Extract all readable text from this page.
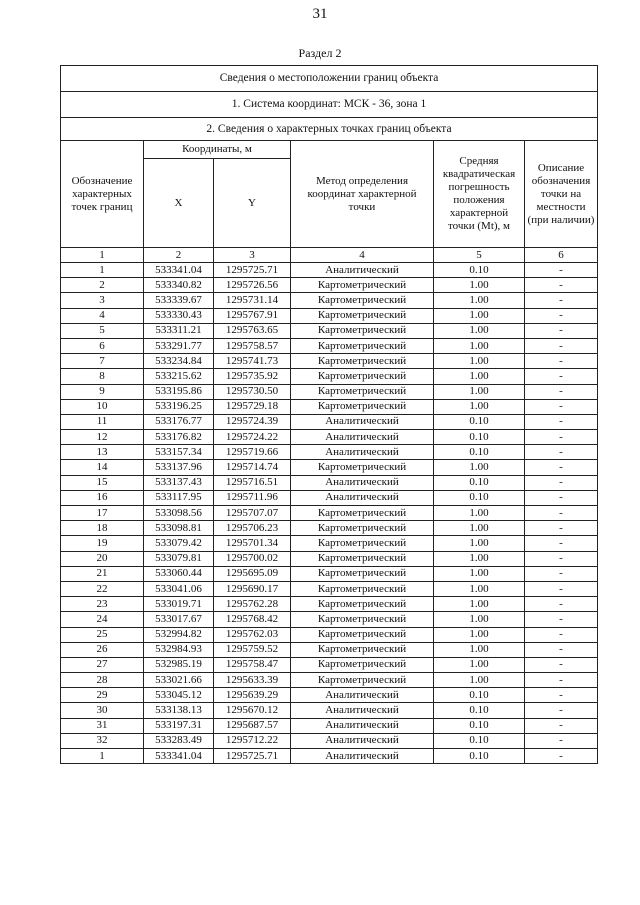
31
Раздел 2
Сведения о местоположении границ объекта					
1. Система координат: МСК - 36, зона 1					
2. Сведения о характерных точках границ объекта					
Обозначение характерных точек границ	Координаты, м		Метод определения координат характерной точки	Средняя квадратическая погрешность положения характерной точки (Mt), м	Описание обозначения точки на местности (при наличии)
	X	Y			
1	2	3	4	5	6
1	533341.04	1295725.71	Аналитический	0.10	-
2	533340.82	1295726.56	Картометрический	1.00	-
3	533339.67	1295731.14	Картометрический	1.00	-
4	533330.43	1295767.91	Картометрический	1.00	-
5	533311.21	1295763.65	Картометрический	1.00	-
6	533291.77	1295758.57	Картометрический	1.00	-
7	533234.84	1295741.73	Картометрический	1.00	-
8	533215.62	1295735.92	Картометрический	1.00	-
9	533195.86	1295730.50	Картометрический	1.00	-
10	533196.25	1295729.18	Картометрический	1.00	-
11	533176.77	1295724.39	Аналитический	0.10	-
12	533176.82	1295724.22	Аналитический	0.10	-
13	533157.34	1295719.66	Аналитический	0.10	-
14	533137.96	1295714.74	Картометрический	1.00	-
15	533137.43	1295716.51	Аналитический	0.10	-
16	533117.95	1295711.96	Аналитический	0.10	-
17	533098.56	1295707.07	Картометрический	1.00	-
18	533098.81	1295706.23	Картометрический	1.00	-
19	533079.42	1295701.34	Картометрический	1.00	-
20	533079.81	1295700.02	Картометрический	1.00	-
21	533060.44	1295695.09	Картометрический	1.00	-
22	533041.06	1295690.17	Картометрический	1.00	-
23	533019.71	1295762.28	Картометрический	1.00	-
24	533017.67	1295768.42	Картометрический	1.00	-
25	532994.82	1295762.03	Картометрический	1.00	-
26	532984.93	1295759.52	Картометрический	1.00	-
27	532985.19	1295758.47	Картометрический	1.00	-
28	533021.66	1295633.39	Картометрический	1.00	-
29	533045.12	1295639.29	Аналитический	0.10	-
30	533138.13	1295670.12	Аналитический	0.10	-
31	533197.31	1295687.57	Аналитический	0.10	-
32	533283.49	1295712.22	Аналитический	0.10	-
1	533341.04	1295725.71	Аналитический	0.10	-
